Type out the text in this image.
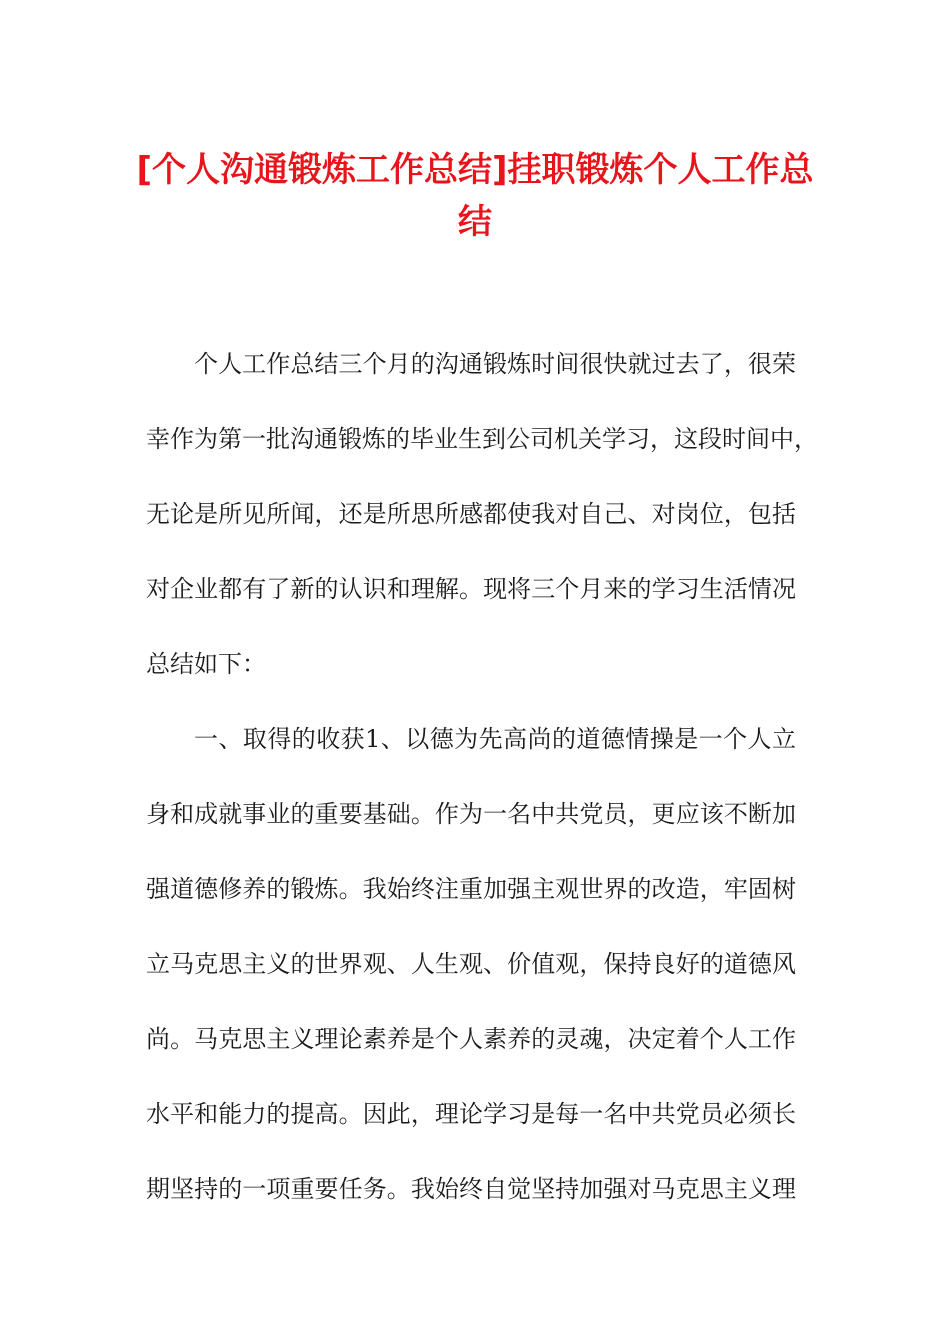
[个人沟通锻炼工作总结]挂职锻炼个人工作总结
个人工作总结三个月的沟通锻炼时间很快就过去了，很荣
幸作为第一批沟通锻炼的毕业生到公司机关学习，这段时间中，
无论是所见所闻，还是所思所感都使我对自己、对岗位，包括
对企业都有了新的认识和理解。现将三个月来的学习生活情况
总结如下：
一、取得的收获1、以德为先高尚的道德情操是一个人立
身和成就事业的重要基础。作为一名中共党员，更应该不断加
强道德修养的锻炼。我始终注重加强主观世界的改造，牢固树
立马克思主义的世界观、人生观、价值观，保持良好的道德风
尚。马克思主义理论素养是个人素养的灵魂，决定着个人工作
水平和能力的提高。因此，理论学习是每一名中共党员必须长
期坚持的一项重要任务。我始终自觉坚持加强对马克思主义理
